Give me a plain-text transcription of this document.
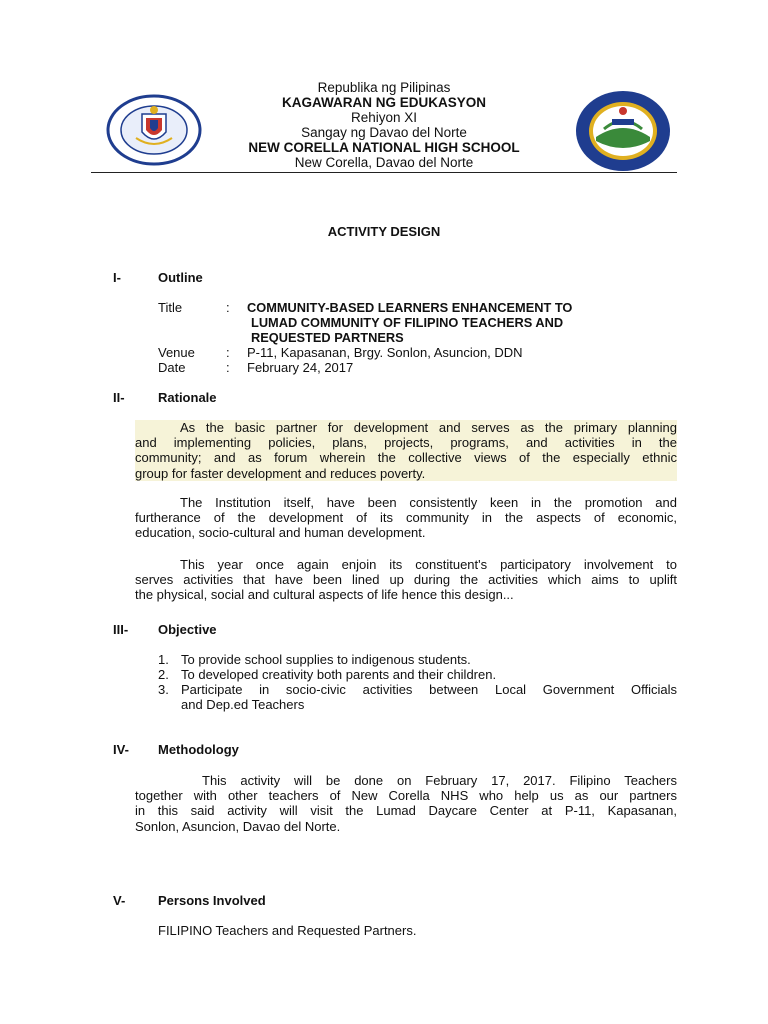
Republika ng Pilipinas
KAGAWARAN NG EDUKASYON
Rehiyon XI
Sangay ng Davao del Norte
NEW CORELLA NATIONAL HIGH SCHOOL
New Corella, Davao del Norte
ACTIVITY DESIGN
I-	Outline
Title	: COMMUNITY-BASED LEARNERS ENHANCEMENT TO
LUMAD COMMUNITY OF FILIPINO TEACHERS AND
REQUESTED PARTNERS
Venue : P-11, Kapasanan, Brgy. Sonlon, Asuncion, DDN
Date	: February 24, 2017
II-	Rationale
As the basic partner for development and serves as the primary planning
and implementing policies, plans, projects, programs, and activities in the
community; and as forum wherein the collective views of the especially ethnic
group for faster development and reduces poverty.
The Institution itself, have been consistently keen in the promotion and
furtherance of the development of its community in the aspects of economic,
education, socio-cultural and human development.
This year once again enjoin its constituent's participatory involvement to
serves activities that have been lined up during the activities which aims to uplift
the physical, social and cultural aspects of life hence this design...
III- Objective
1. To provide school supplies to indigenous students.
2. To developed creativity both parents and their children.
3. Participate in socio-civic activities between Local Government Officials
and Dep.ed Teachers
IV- Methodology
This activity will be done on February 17, 2017. Filipino Teachers
together with other teachers of New Corella NHS who help us as our partners
in this said activity will visit the Lumad Daycare Center at P-11, Kapasanan,
Sonlon, Asuncion, Davao del Norte.
V-	Persons Involved
FILIPINO Teachers and Requested Partners.
